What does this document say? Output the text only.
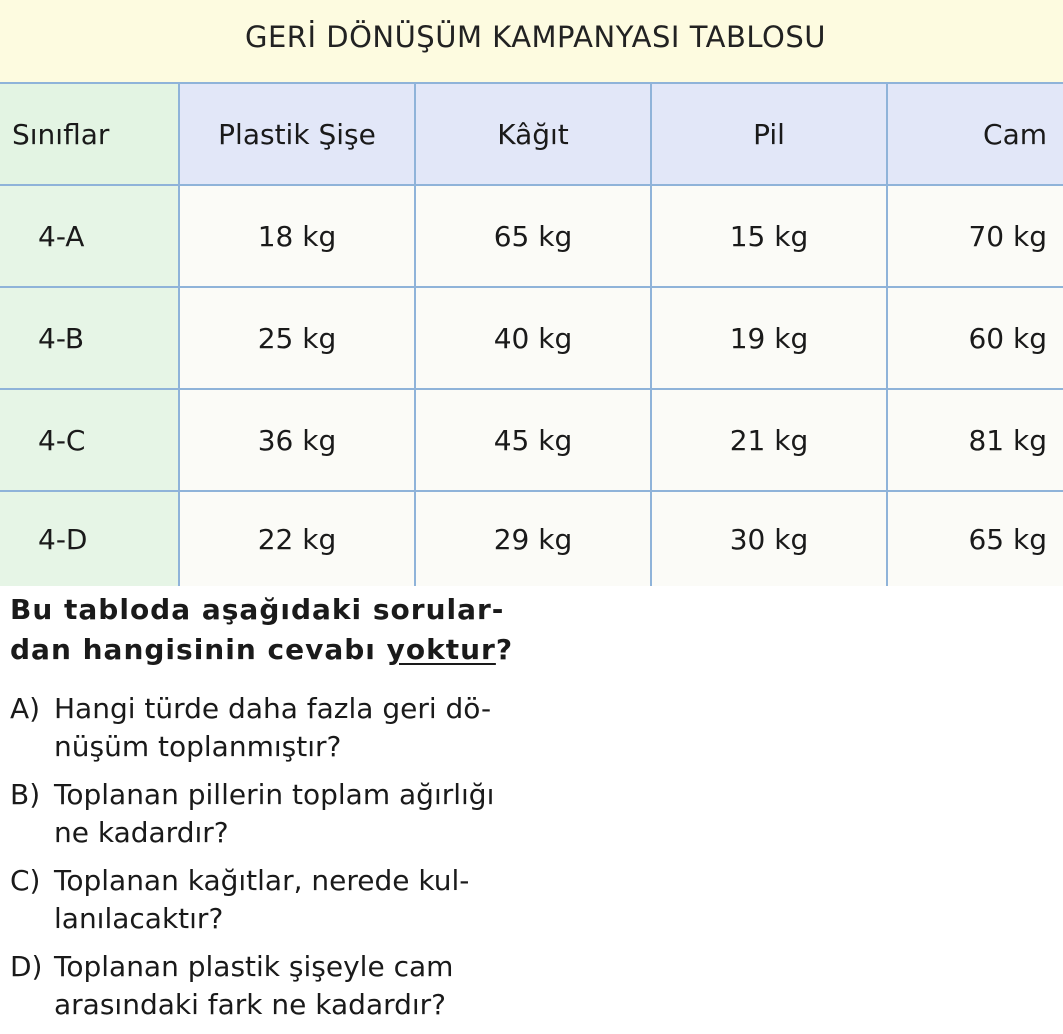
GERİ DÖNÜŞÜM KAMPANYASI TABLOSU
Sınıflar	Plastik Şişe	Kâğıt	Pil	Cam
4-A	18 kg	65 kg	15 kg	70 kg
4-B	25 kg	40 kg	19 kg	60 kg
4-C	36 kg	45 kg	21 kg	81 kg
4-D	22 kg	29 kg	30 kg	65 kg
Bu tabloda aşağıdaki sorular-
dan hangisinin cevabı yoktur?
A) Hangi türde daha fazla geri dö-
nüşüm toplanmıştır?
B) Toplanan pillerin toplam ağırlığı
ne kadardır?
C) Toplanan kağıtlar, nerede kul-
lanılacaktır?
D) Toplanan plastik şişeyle cam
arasındaki fark ne kadardır?
